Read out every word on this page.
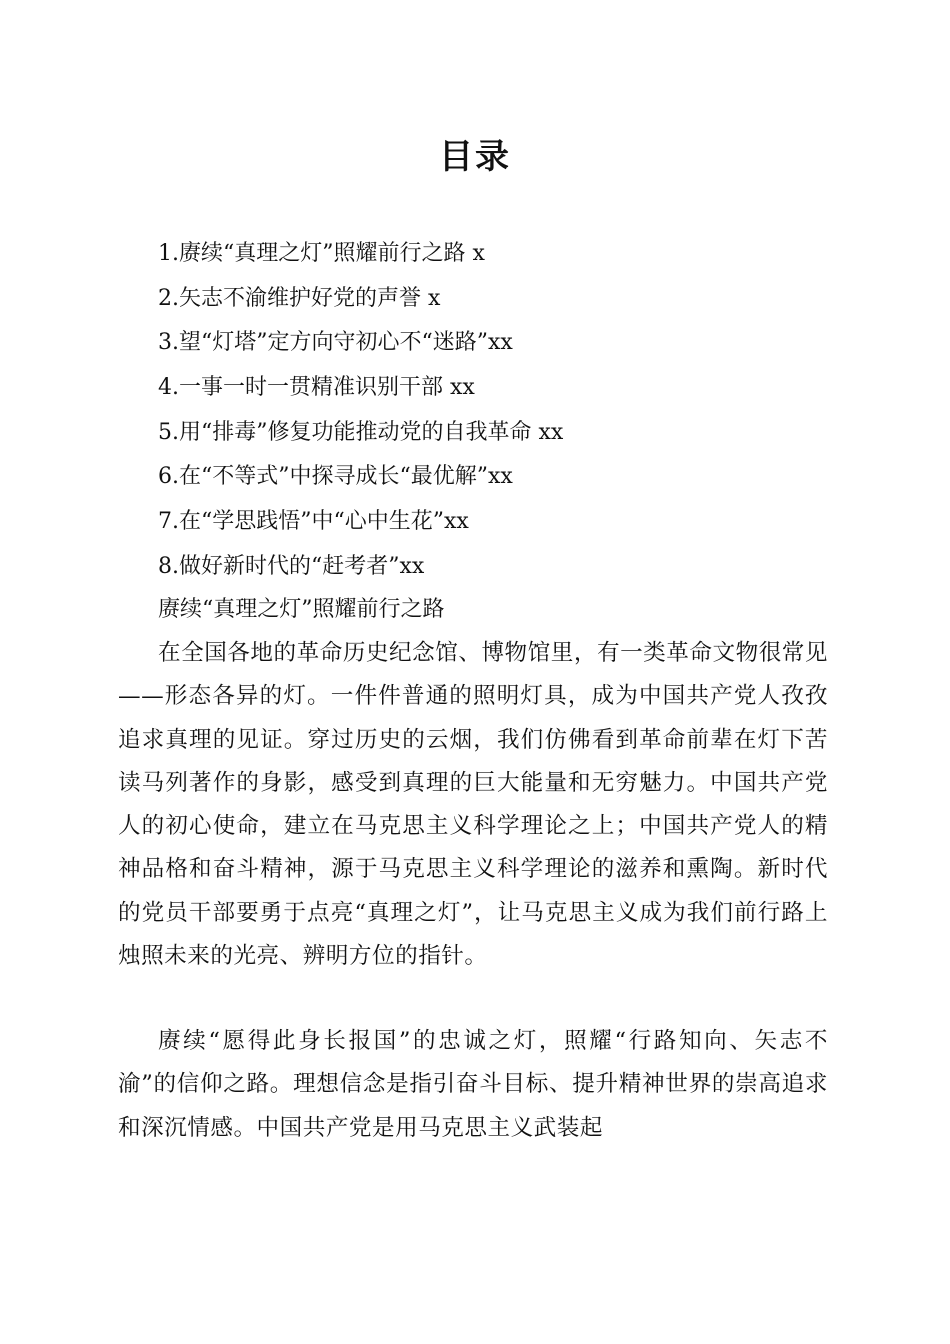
目录
1.赓续“真理之灯”照耀前行之路 x
2.矢志不渝维护好党的声誉 x
3.望“灯塔”定方向守初心不“迷路”xx
4.一事一时一贯精准识别干部 xx
5.用“排毒”修复功能推动党的自我革命 xx
6.在“不等式”中探寻成长“最优解”xx
7.在“学思践悟”中“心中生花”xx
8.做好新时代的“赶考者”xx
赓续“真理之灯”照耀前行之路

在全国各地的革命历史纪念馆、博物馆里，有一类革命文物很常见——形态各异的灯。一件件普通的照明灯具，成为中国共产党人孜孜追求真理的见证。穿过历史的云烟，我们仿佛看到革命前辈在灯下苦读马列著作的身影，感受到真理的巨大能量和无穷魅力。中国共产党人的初心使命，建立在马克思主义科学理论之上；中国共产党人的精神品格和奋斗精神，源于马克思主义科学理论的滋养和熏陶。新时代的党员干部要勇于点亮“真理之灯”，让马克思主义成为我们前行路上烛照未来的光亮、辨明方位的指针。

赓续“愿得此身长报国”的忠诚之灯，照耀“行路知向、矢志不渝”的信仰之路。理想信念是指引奋斗目标、提升精神世界的崇高追求和深沉情感。中国共产党是用马克思主义武装起
